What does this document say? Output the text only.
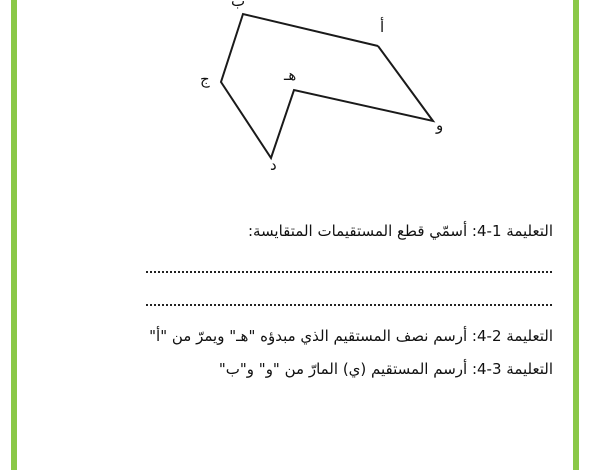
ب
أ
ج	هـ
و
د
التعليمة 1-4: أسمّي قطع المستقيمات المتقايسة:
التعليمة 2-4: أرسم نصف المستقيم الذي مبدؤه "هـ" ويمرّ من "أ"
التعليمة 3-4: أرسم المستقيم (ي) المارّ من "و" و"ب"
